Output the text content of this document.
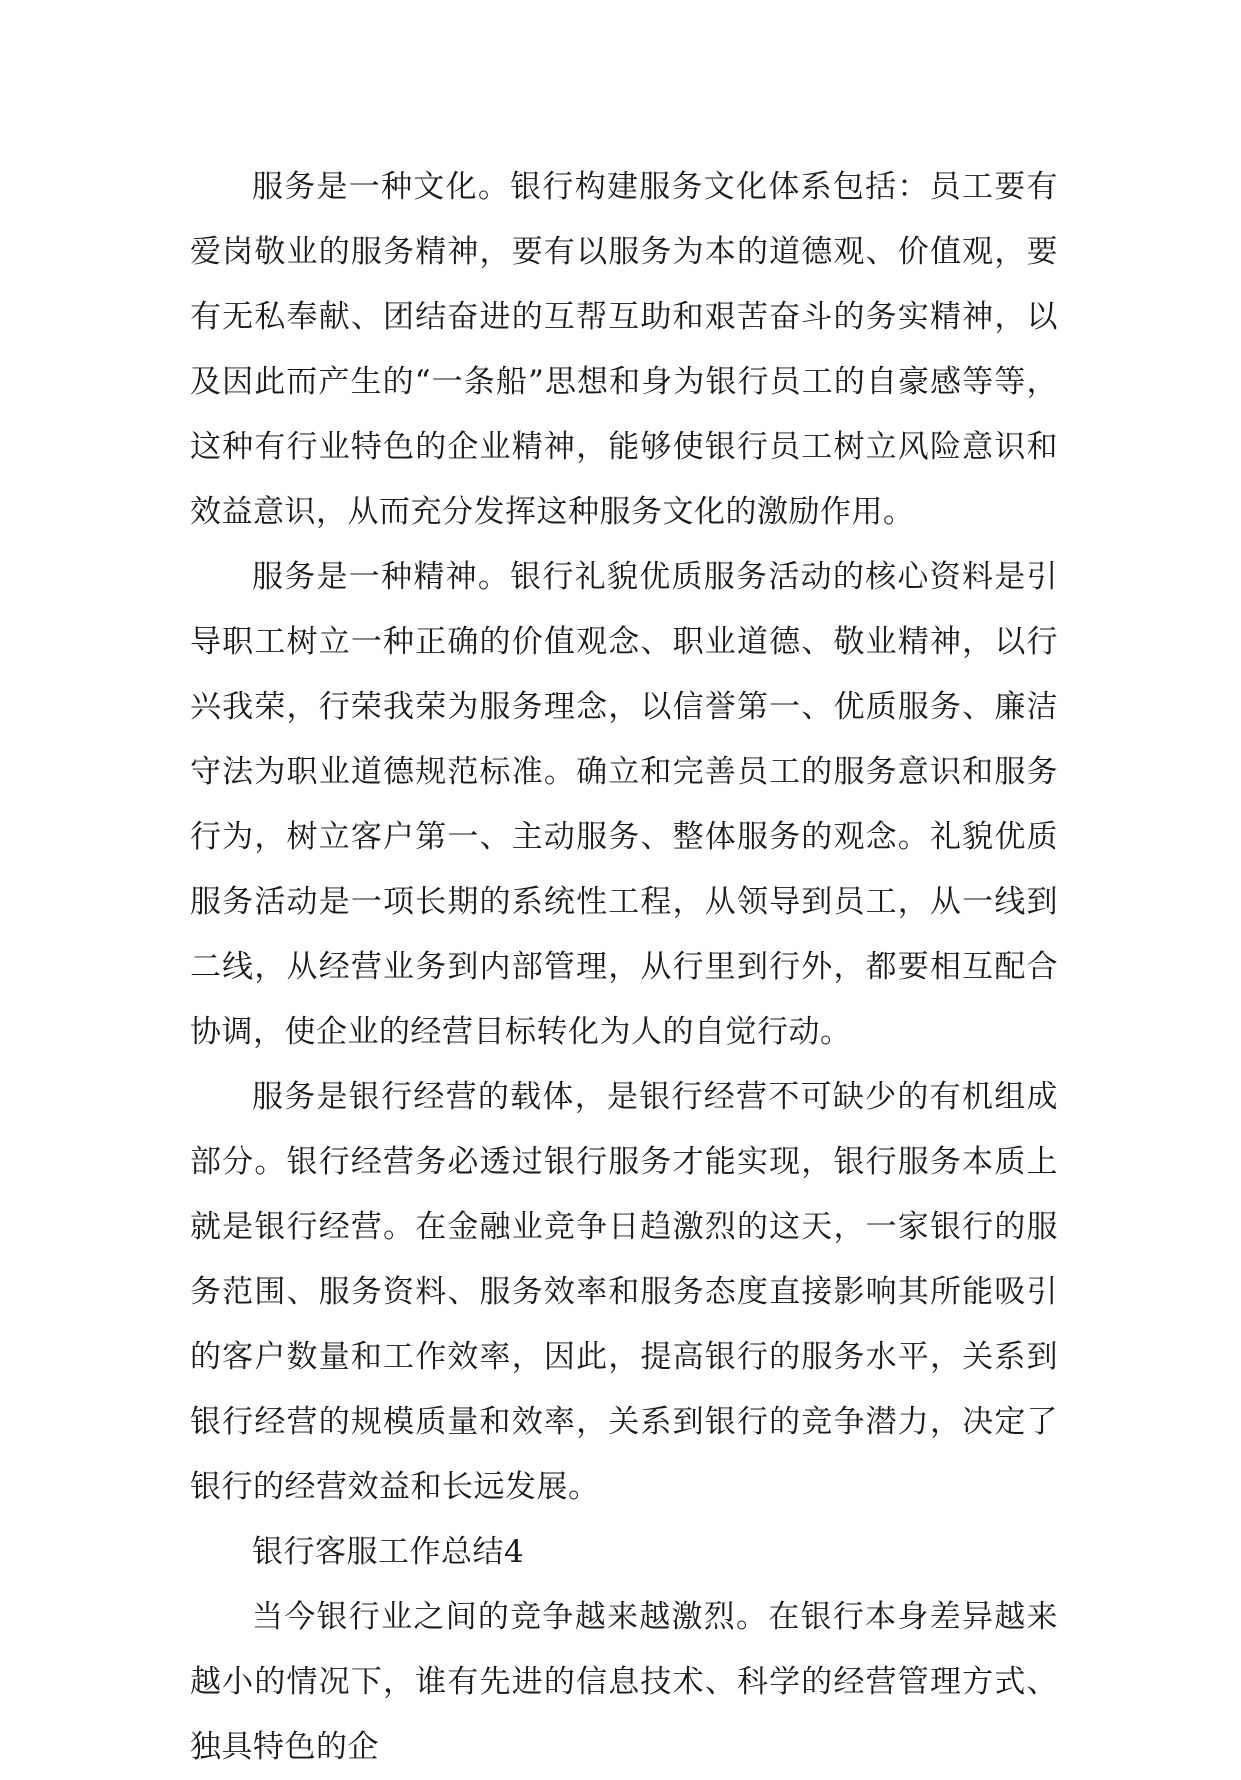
服务是一种文化。银行构建服务文化体系包括：员工要有爱岗敬业的服务精神，要有以服务为本的道德观、价值观，要有无私奉献、团结奋进的互帮互助和艰苦奋斗的务实精神，以及因此而产生的“一条船”思想和身为银行员工的自豪感等等，这种有行业特色的企业精神，能够使银行员工树立风险意识和效益意识，从而充分发挥这种服务文化的激励作用。

服务是一种精神。银行礼貌优质服务活动的核心资料是引导职工树立一种正确的价值观念、职业道德、敬业精神，以行兴我荣，行荣我荣为服务理念，以信誉第一、优质服务、廉洁守法为职业道德规范标准。确立和完善员工的服务意识和服务行为，树立客户第一、主动服务、整体服务的观念。礼貌优质服务活动是一项长期的系统性工程，从领导到员工，从一线到二线，从经营业务到内部管理，从行里到行外，都要相互配合协调，使企业的经营目标转化为人的自觉行动。

服务是银行经营的载体，是银行经营不可缺少的有机组成部分。银行经营务必透过银行服务才能实现，银行服务本质上就是银行经营。在金融业竞争日趋激烈的这天，一家银行的服务范围、服务资料、服务效率和服务态度直接影响其所能吸引的客户数量和工作效率，因此，提高银行的服务水平，关系到银行经营的规模质量和效率，关系到银行的竞争潜力，决定了银行的经营效益和长远发展。

银行客服工作总结4

当今银行业之间的竞争越来越激烈。在银行本身差异越来越小的情况下，谁有先进的信息技术、科学的经营管理方式、独具特色的企
